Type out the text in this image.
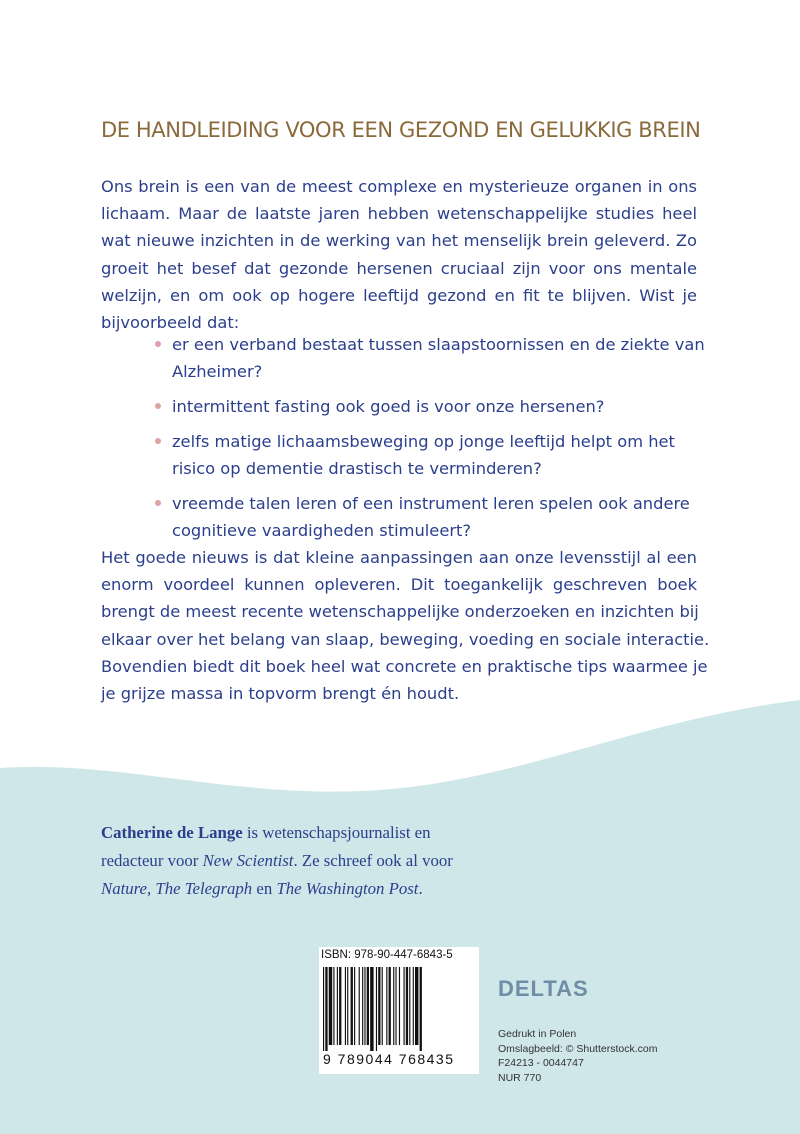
DE HANDLEIDING VOOR EEN GEZOND EN GELUKKIG BREIN
Ons brein is een van de meest complexe en mysterieuze organen in ons
lichaam. Maar de laatste jaren hebben wetenschappelijke studies heel
wat nieuwe inzichten in de werking van het menselijk brein geleverd. Zo
groeit het besef dat gezonde hersenen cruciaal zijn voor ons mentale
welzijn, en om ook op hogere leeftijd gezond en fit te blijven. Wist je
bijvoorbeeld dat:
er een verband bestaat tussen slaapstoornissen en de ziekte van Alzheimer?
intermittent fasting ook goed is voor onze hersenen?
zelfs matige lichaamsbeweging op jonge leeftijd helpt om het risico op dementie drastisch te verminderen?
vreemde talen leren of een instrument leren spelen ook andere cognitieve vaardigheden stimuleert?
Het goede nieuws is dat kleine aanpassingen aan onze levensstijl al een
enorm voordeel kunnen opleveren. Dit toegankelijk geschreven boek
brengt de meest recente wetenschappelijke onderzoeken en inzichten bij
elkaar over het belang van slaap, beweging, voeding en sociale interactie.
Bovendien biedt dit boek heel wat concrete en praktische tips waarmee je
je grijze massa in topvorm brengt én houdt.
Catherine de Lange is wetenschapsjournalist en
redacteur voor New Scientist. Ze schreef ook al voor
Nature, The Telegraph en The Washington Post.
ISBN: 978-90-447-6843-5
9 789044 768435
DELTAS
Gedrukt in Polen
Omslagbeeld: © Shutterstock.com
F24213 - 0044747
NUR 770
